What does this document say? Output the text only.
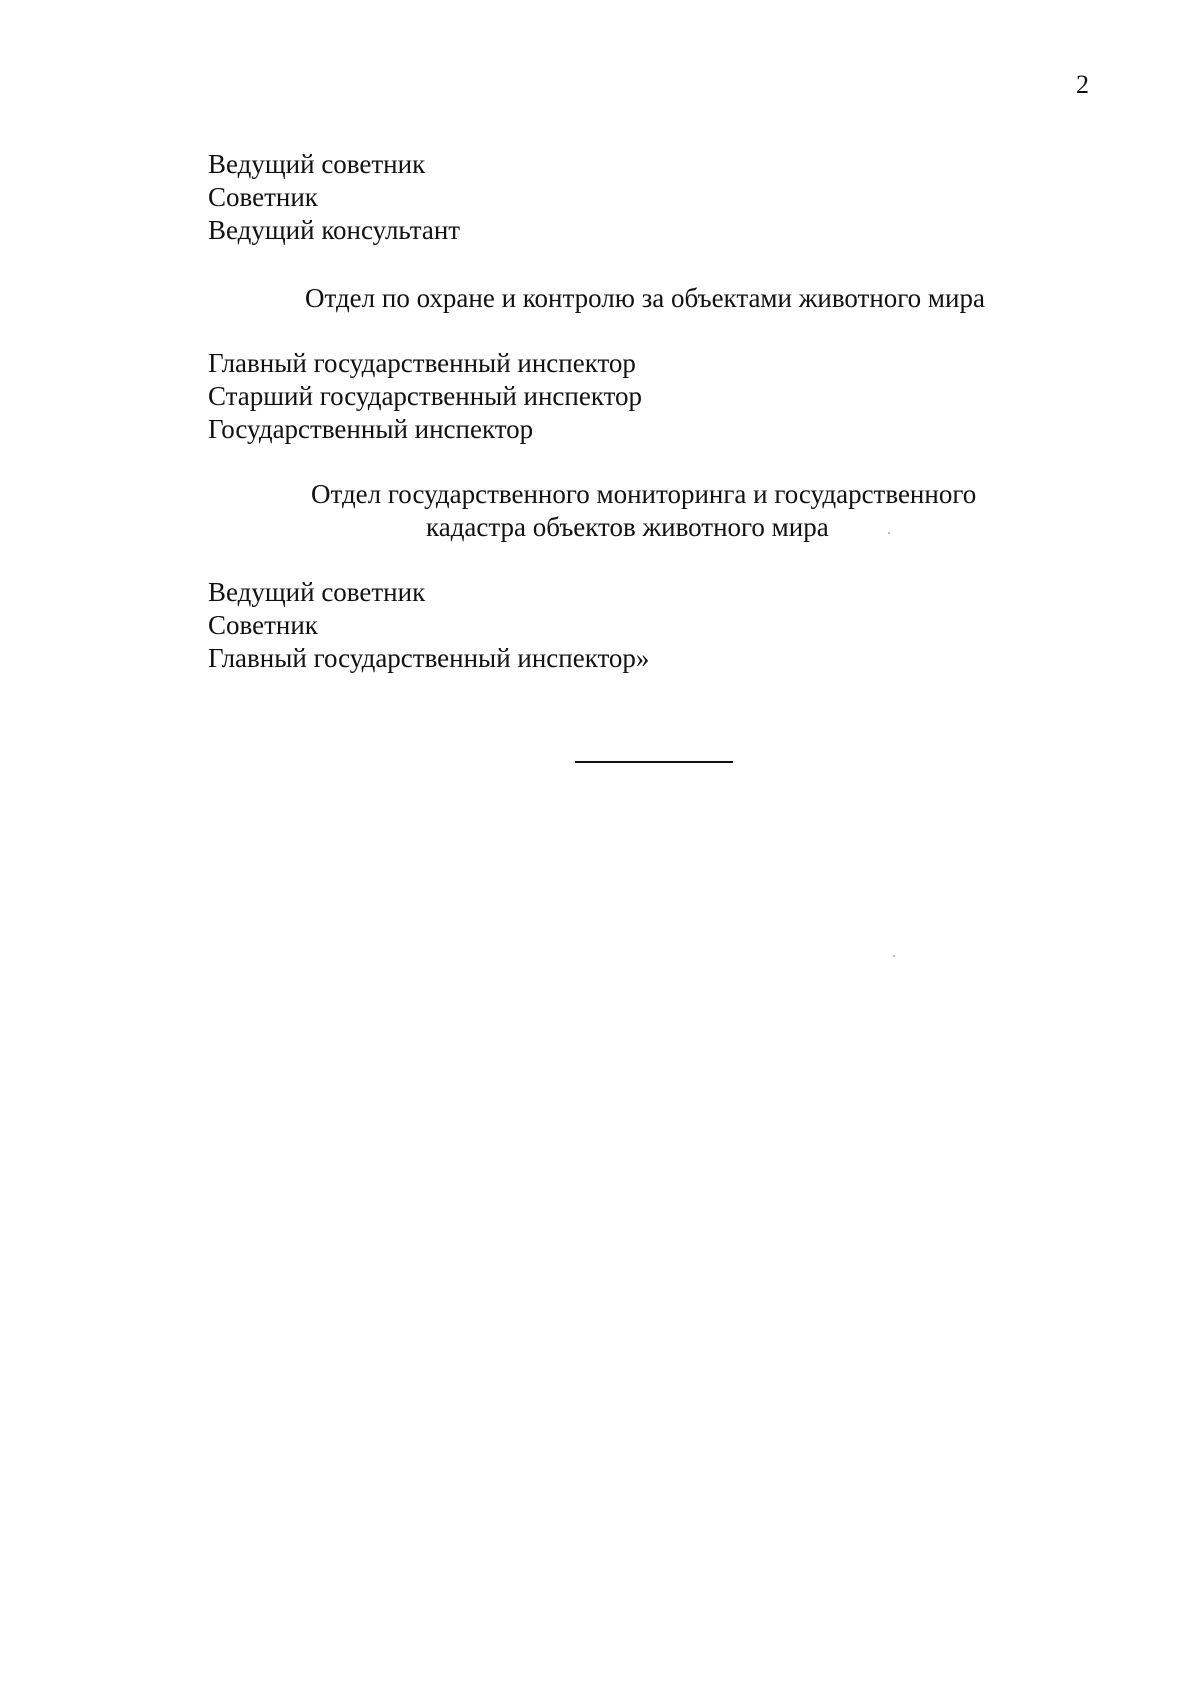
2
Ведущий советник
Советник
Ведущий консультант
Отдел по охране и контролю за объектами животного мира
Главный государственный инспектор
Старший государственный инспектор
Государственный инспектор
Отдел государственного мониторинга и государственного
кадастра объектов животного мира
Ведущий советник
Советник
Главный государственный инспектор»
